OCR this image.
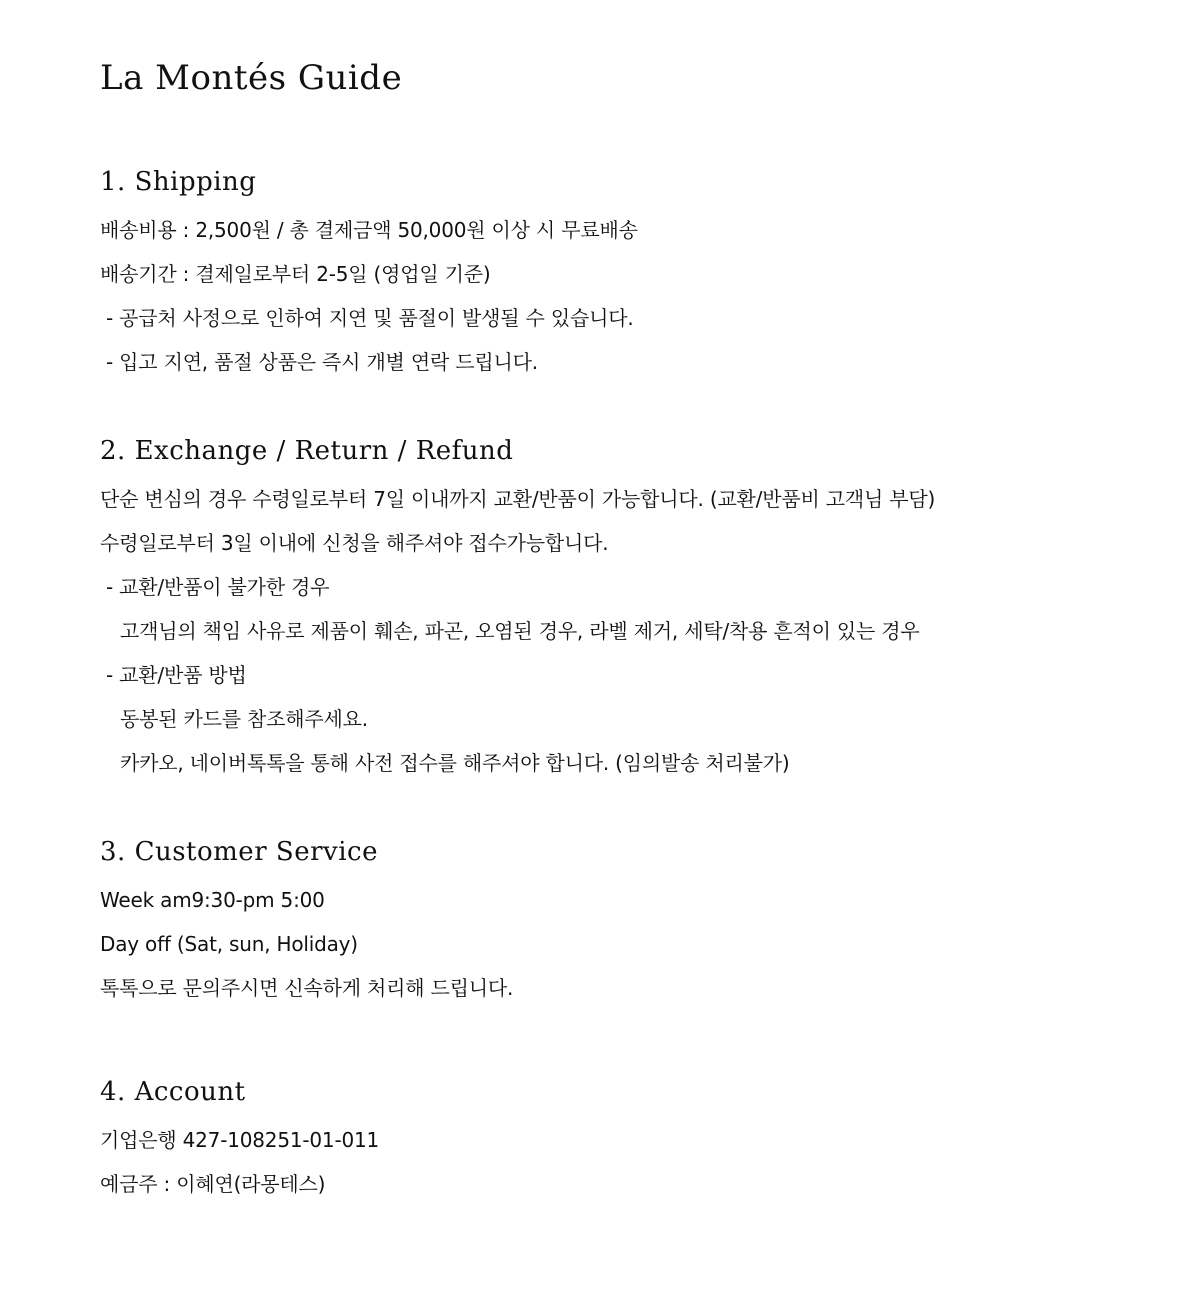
La Montés Guide
1. Shipping
배송비용 : 2,500원 / 총 결제금액 50,000원 이상 시 무료배송
배송기간 : 결제일로부터 2-5일 (영업일 기준)
- 공급처 사정으로 인하여 지연 및 품절이 발생될 수 있습니다.
- 입고 지연, 품절 상품은 즉시 개별 연락 드립니다.
2. Exchange / Return / Refund
단순 변심의 경우 수령일로부터 7일 이내까지 교환/반품이 가능합니다. (교환/반품비 고객님 부담)
수령일로부터 3일 이내에 신청을 해주셔야 접수가능합니다.
- 교환/반품이 불가한 경우
고객님의 책임 사유로 제품이 훼손, 파곤, 오염된 경우, 라벨 제거, 세탁/착용 흔적이 있는 경우
- 교환/반품 방법
동봉된 카드를 참조해주세요.
카카오, 네이버톡톡을 통해 사전 접수를 해주셔야 합니다. (임의발송 처리불가)
3. Customer Service
Week am9:30-pm 5:00
Day off (Sat, sun, Holiday)
톡톡으로 문의주시면 신속하게 처리해 드립니다.
4. Account
기업은행 427-108251-01-011
예금주 : 이혜연(라몽테스)
